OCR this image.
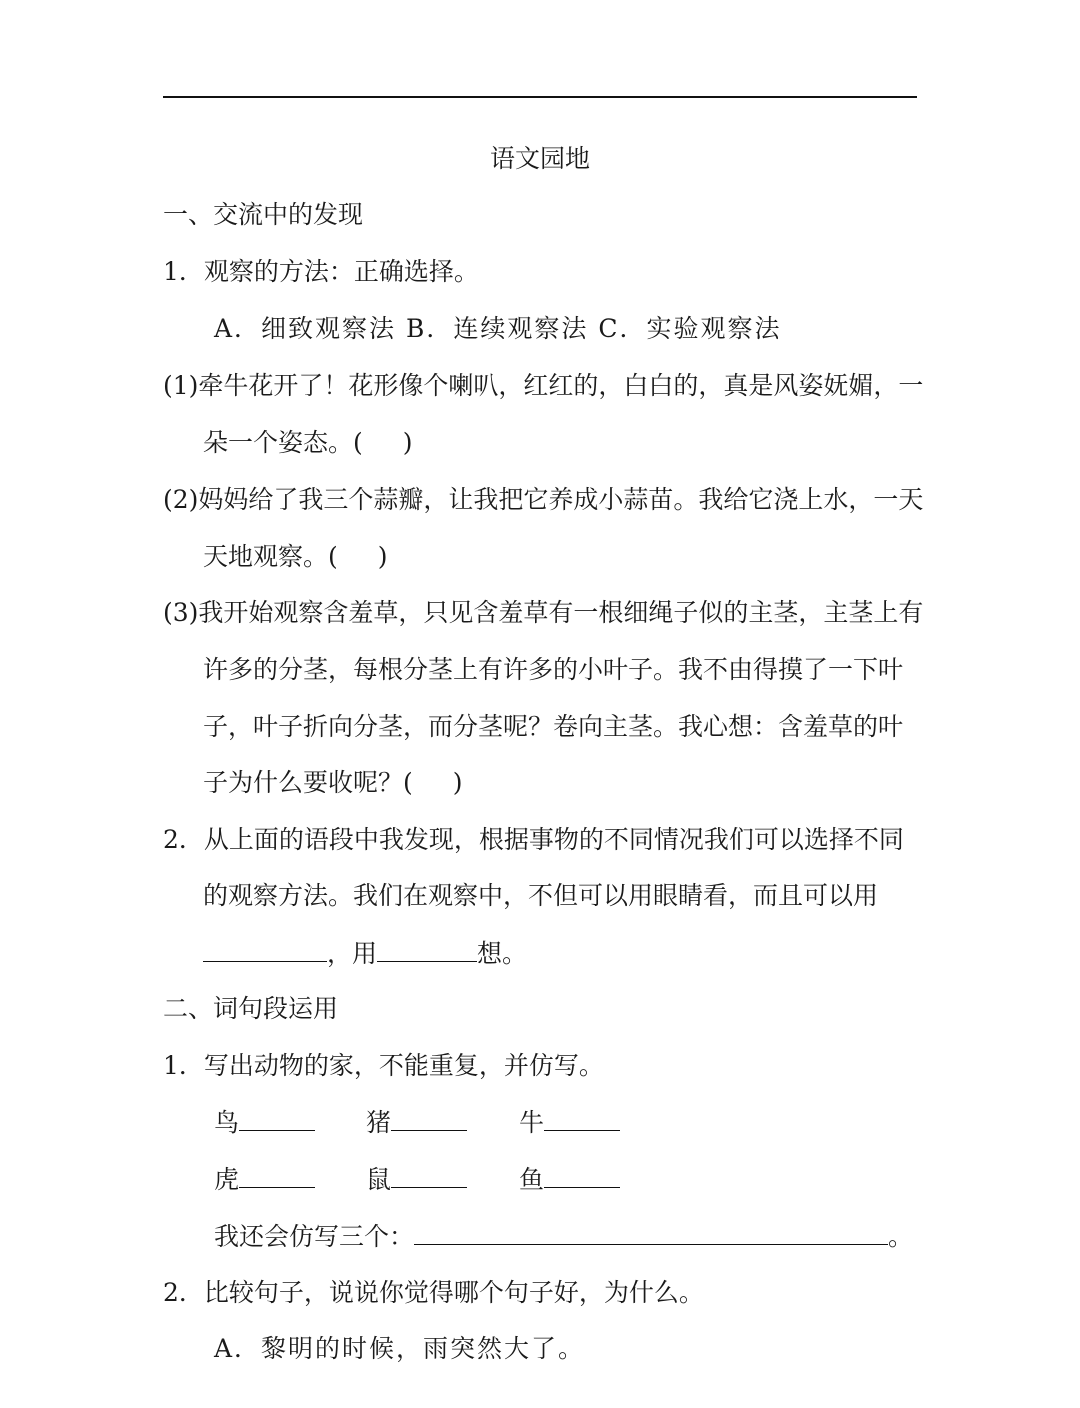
语文园地
一、交流中的发现
1．观察的方法：正确选择。
A．细致观察法 B．连续观察法 C．实验观察法
(1)牵牛花开了！花形像个喇叭，红红的，白白的，真是风姿妩媚，一
朵一个姿态。( )
(2)妈妈给了我三个蒜瓣，让我把它养成小蒜苗。我给它浇上水，一天
天地观察。( )
(3)我开始观察含羞草，只见含羞草有一根细绳子似的主茎，主茎上有
许多的分茎，每根分茎上有许多的小叶子。我不由得摸了一下叶
子，叶子折向分茎，而分茎呢？卷向主茎。我心想：含羞草的叶
子为什么要收呢？( )
2．从上面的语段中我发现，根据事物的不同情况我们可以选择不同
的观察方法。我们在观察中，不但可以用眼睛看，而且可以用
，用	想。
二、词句段运用
1．写出动物的家，不能重复，并仿写。
鸟	猪	牛
虎	鼠	鱼
我还会仿写三个：	。
2．比较句子，说说你觉得哪个句子好，为什么。
A．黎明的时候，雨突然大了。
